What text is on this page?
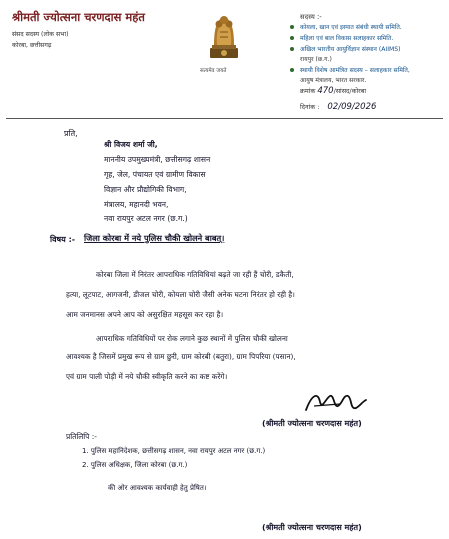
श्रीमती ज्योत्सना चरणदास महंत
संसद सदस्य (लोक सभा)
कोरबा, छत्तीसगढ़
सत्यमेव जयते
सदस्य :-
कोयला, खान एवं इस्पात संबंधी स्थायी समिति.
महिला एवं बाल विकास सलाहकार समिति.
अखिल भारतीय आयुर्विज्ञान संस्थान (AIIMS)
रायपुर (छ.ग.)
स्थायी विशेष आमंत्रित सदस्य – सलाहकार समिति,
आयुष मंत्रालय, भारत सरकार.
क्रमांक 470/सांसद/कोरबा
दिनांक : 02/09/2026
प्रति,
श्री विजय शर्मा जी,
माननीय उपमुख्यमंत्री, छत्तीसगढ़ शासन
गृह, जेल, पंचायत एवं ग्रामीण विकास
विज्ञान और प्रौद्योगिकी विभाग,
मंत्रालय, महानदी भवन,
नवा रायपुर अटल नगर (छ.ग.)
विषय :- जिला कोरबा में नये पुलिस चौकी खोलने बाबत्।
कोरबा जिला में निरंतर आपराधिक गतिविधियां बढ़ते जा रही हैं चोरी, डकैती,
हत्या, लूटपाट, आगजनी, डीजल चोरी, कोयला चोरी जैसी अनेक घटना निरंतर हो रही है।
आम जनमानस अपने आप को असुरक्षित महसूस कर रहा है।
आपराधिक गतिविधियों पर रोक लगाने कुछ स्थानों में पुलिस चौकी खोलना
आवश्यक है जिसमें प्रमुख रूप से ग्राम छुरी, ग्राम कोरबी (बतुरा), ग्राम पिपरिया (पसान),
एवं ग्राम पाली पोड़ी में नये चौकी स्वीकृति करने का कष्ट करेंगे।
(श्रीमती ज्योत्सना चरणदास महंत)
प्रतिलिपि :-
1. पुलिस महानिदेशक, छत्तीसगढ़ शासन, नवा रायपुर अटल नगर (छ.ग.)
2. पुलिस अधिक्षक, जिला कोरबा (छ.ग.)
की ओर आवश्यक कार्यवाही हेतु प्रेषित।
(श्रीमती ज्योत्सना चरणदास महंत)
